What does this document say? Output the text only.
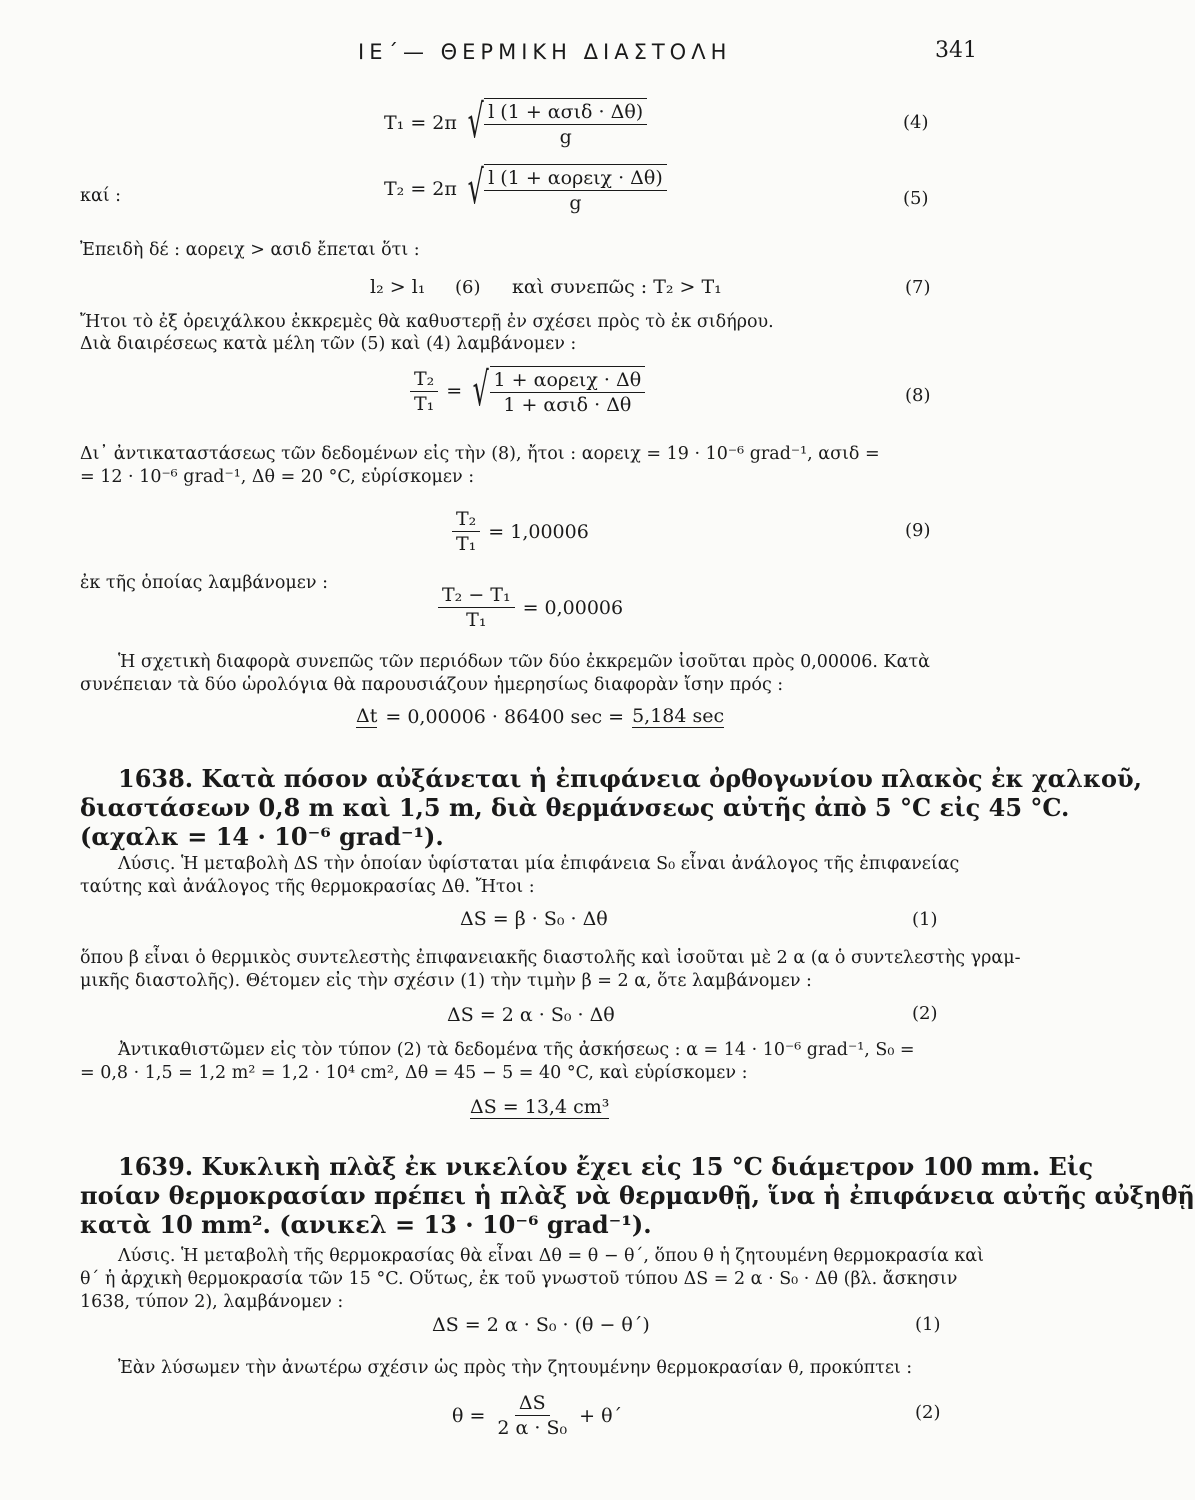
ΙΕ΄— ΘΕΡΜΙΚΗ ΔΙΑΣΤΟΛΗ	341
T₁ = 2π √ $\frac{\text{l (1 + ασιδ · Δθ)}}{g}$	(4)
καί :	T₂ = 2π √ $\frac{\text{l (1 + αορειχ · Δθ)}}{g}$	(5)
Ἐπειδὴ δέ : αορειχ > ασιδ ἔπεται ὅτι :
l₂ > l₁ (6) καὶ συνεπῶς : T₂ > T₁	(7)
Ἤτοι τὸ ἐξ ὀρειχάλκου ἐκκρεμὲς θὰ καθυστερῇ ἐν σχέσει πρὸς τὸ ἐκ σιδήρου.
Διὰ διαιρέσεως κατὰ μέλη τῶν (5) καὶ (4) λαμβάνομεν :
$\frac{\text{T₂}}{\text{T₁}}$ = √ $\frac{\text{1 + αορειχ · Δθ}}{\text{1 + ασιδ · Δθ}}$	(8)
Δι᾽ ἀντικαταστάσεως τῶν δεδομένων εἰς τὴν (8), ἤτοι : αορειχ = 19 · 10⁻⁶ grad⁻¹, ασιδ =
= 12 · 10⁻⁶ grad⁻¹, Δθ = 20 °C, εὑρίσκομεν :
$\frac{\text{T₂}}{\text{T₁}} = 1,00006$	(9)
ἐκ τῆς ὁποίας λαμβάνομεν :
$\frac{\text{T₂ − T₁}}{\text{T₁}} = 0,00006$
Ἡ σχετικὴ διαφορὰ συνεπῶς τῶν περιόδων τῶν δύο ἐκκρεμῶν ἰσοῦται πρὸς 0,00006. Κατὰ
συνέπειαν τὰ δύο ὡρολόγια θὰ παρουσιάζουν ἡμερησίως διαφορὰν ἴσην πρός :
Δt = 0,00006 · 86400 sec = 5,184 sec
1638. Κατὰ πόσον αὐξάνεται ἡ ἐπιφάνεια ὀρθογωνίου πλακὸς ἐκ χαλκοῦ,
διαστάσεων 0,8 m καὶ 1,5 m, διὰ θερμάνσεως αὐτῆς ἀπὸ 5 °C εἰς 45 °C.
(αχαλκ = 14 · 10⁻⁶ grad⁻¹).
Λύσις. Ἡ μεταβολὴ ΔS τὴν ὁποίαν ὑφίσταται μία ἐπιφάνεια S₀ εἶναι ἀνάλογος τῆς ἐπιφανείας
ταύτης καὶ ἀνάλογος τῆς θερμοκρασίας Δθ. Ἤτοι :
ΔS = β · S₀ · Δθ	(1)
ὅπου β εἶναι ὁ θερμικὸς συντελεστὴς ἐπιφανειακῆς διαστολῆς καὶ ἰσοῦται μὲ 2 α (α ὁ συντελεστὴς γραμ-
μικῆς διαστολῆς). Θέτομεν εἰς τὴν σχέσιν (1) τὴν τιμὴν β = 2 α, ὅτε λαμβάνομεν :
ΔS = 2 α · S₀ · Δθ	(2)
Ἀντικαθιστῶμεν εἰς τὸν τύπον (2) τὰ δεδομένα τῆς ἀσκήσεως : α = 14 · 10⁻⁶ grad⁻¹, S₀ =
= 0,8 · 1,5 = 1,2 m² = 1,2 · 10⁴ cm², Δθ = 45 − 5 = 40 °C, καὶ εὑρίσκομεν :
ΔS = 13,4 cm³
1639. Κυκλικὴ πλὰξ ἐκ νικελίου ἔχει εἰς 15 °C διάμετρον 100 mm. Εἰς
ποίαν θερμοκρασίαν πρέπει ἡ πλὰξ νὰ θερμανθῇ, ἵνα ἡ ἐπιφάνεια αὐτῆς αὐξηθῇ
κατὰ 10 mm². (ανικελ = 13 · 10⁻⁶ grad⁻¹).
Λύσις. Ἡ μεταβολὴ τῆς θερμοκρασίας θὰ εἶναι Δθ = θ − θ΄, ὅπου θ ἡ ζητουμένη θερμοκρασία καὶ
θ΄ ἡ ἀρχικὴ θερμοκρασία τῶν 15 °C. Οὕτως, ἐκ τοῦ γνωστοῦ τύπου ΔS = 2 α · S₀ · Δθ (βλ. ἄσκησιν
1638, τύπον 2), λαμβάνομεν :
ΔS = 2 α · S₀ · (θ − θ΄)	(1)
Ἐὰν λύσωμεν τὴν ἀνωτέρω σχέσιν ὡς πρὸς τὴν ζητουμένην θερμοκρασίαν θ, προκύπτει :
$\theta = \frac{\Delta S}{\text{2 α · S₀}} + \theta΄$	(2)
